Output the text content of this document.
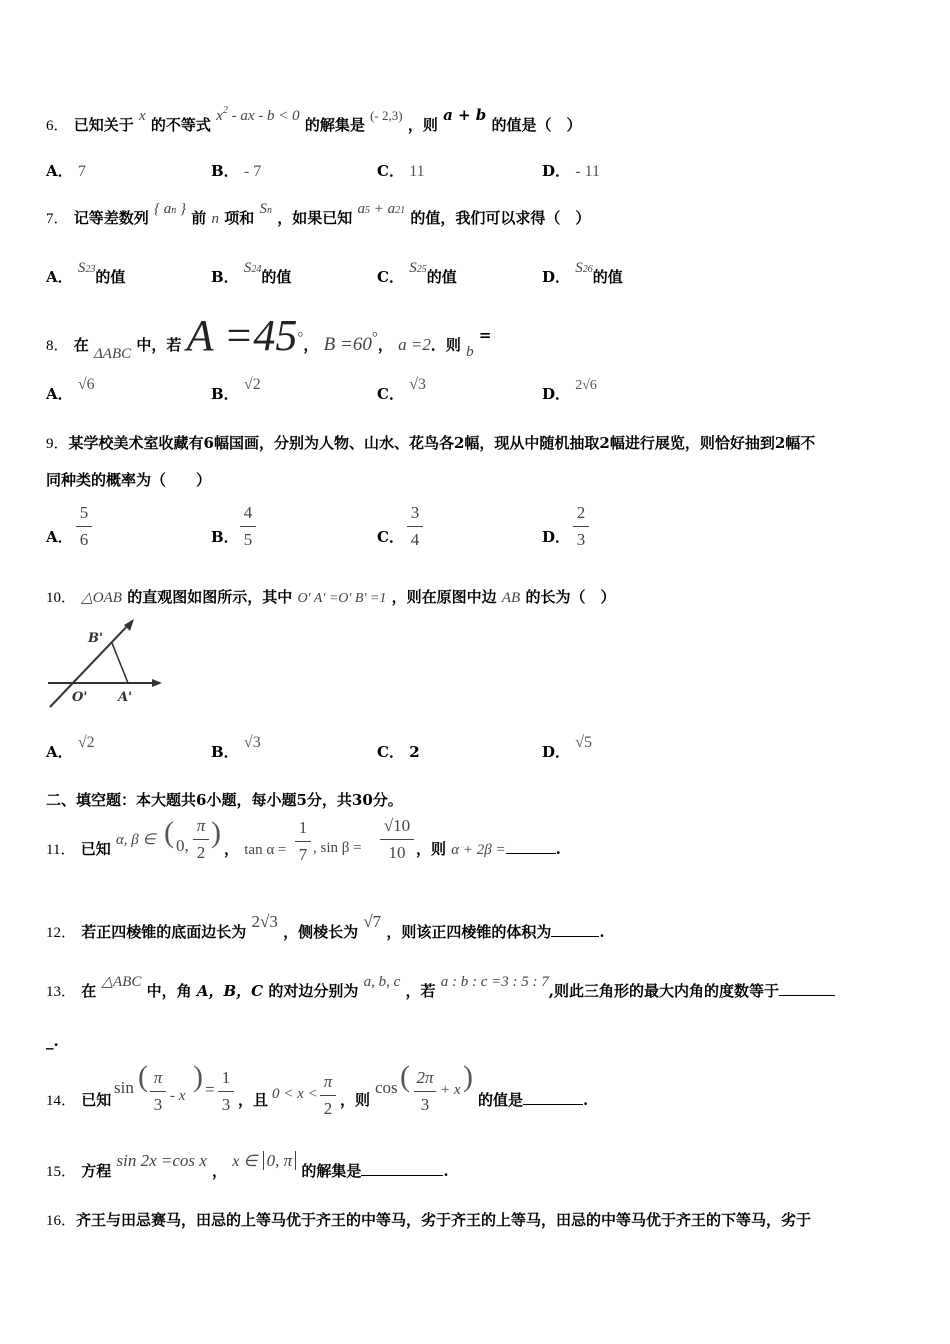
6． 已知关于 x 的不等式 $x^2$ - ax - b < 0 的解集是 (- 2,3) ，则 a + b 的值是（　）
A． 7	B． - 7	C． 11	D． - 11
7． 记等差数列 { an } 前 n 项和 Sn ，如果已知 a5 + a21 的值，我们可以求得（　）
A． S23的值	B． S24的值	C． S25的值	D． S26的值
8． 在 ΔABC 中，若 A =45°， B =60°， a =2．则 b =
A． √6
B． √2
C． √3
D． 2√6
9．某学校美术室收藏有6幅国画，分别为人物、山水、花鸟各2幅，现从中随机抽取2幅进行展览，则恰好抽到2幅不
同种类的概率为（　　）
A．
5
6	B．
4
5	C．
3
4	D．
2
3
10． △OAB 的直观图如图所示，其中 O' A' =O' B' =1 ，则在原图中边 AB 的长为（　）
B'
O' A'
A． √2
B． √3
C． 2	D． √5
二、填空题：本大题共6小题，每小题5分，共30分。
11． 已知 α, β ∈ ( 0,
π
2
) ， tan α =
1
7 , sin β =
√10
10 ，则 α + 2β =	.
12． 若正四棱锥的底面边长为 2√3 ，侧棱长为 √7 ，则该正四棱锥的体积为	.
13． 在 △ABC 中，角 A，B，C 的对边分别为 a, b, c ，若 a : b : c =3 : 5 : 7,则此三角形的最大内角的度数等于
_.
14． 已知
sin ( π
3 - x
) =
1
3 ，且 0 < x <
π
2 ，则
cos ( 2π
3
+ x )
的值是	.
15． 方程 sin 2x =cos x ， x ∈ 0, π 的解集是	.
16．齐王与田忌赛马，田忌的上等马优于齐王的中等马，劣于齐王的上等马，田忌的中等马优于齐王的下等马，劣于
